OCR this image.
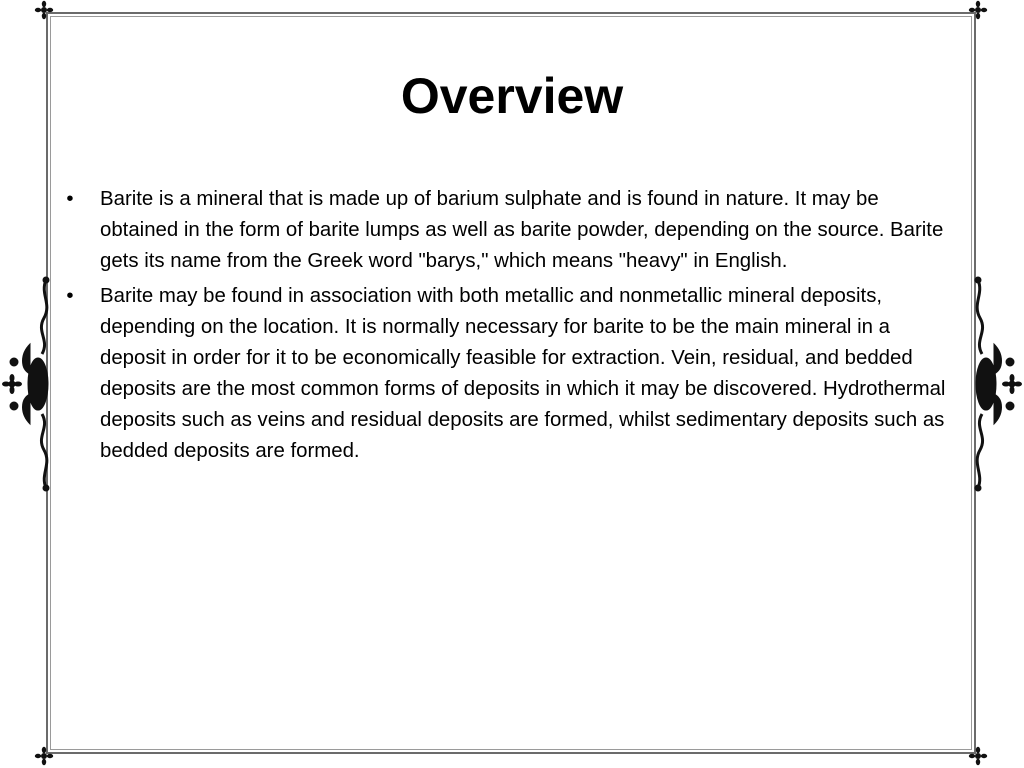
Overview
•	Barite is a mineral that is made up of barium sulphate and is found in nature. It may be obtained in the form of barite lumps as well as barite powder, depending on the source. Barite gets its name from the Greek word "barys," which means "heavy" in English.
•	Barite may be found in association with both metallic and nonmetallic mineral deposits, depending on the location. It is normally necessary for barite to be the main mineral in a deposit in order for it to be economically feasible for extraction. Vein, residual, and bedded deposits are the most common forms of deposits in which it may be discovered. Hydrothermal deposits such as veins and residual deposits are formed, whilst sedimentary deposits such as bedded deposits are formed.
